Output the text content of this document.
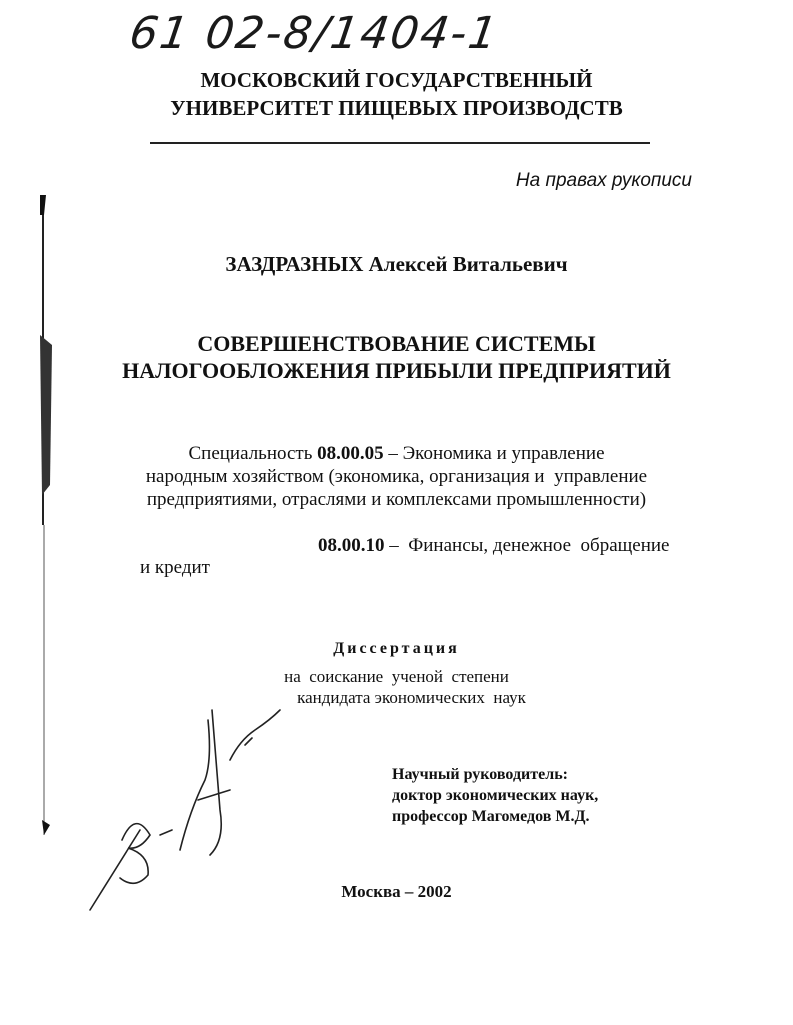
61 02-8/1404-1
МОСКОВСКИЙ ГОСУДАРСТВЕННЫЙ
УНИВЕРСИТЕТ ПИЩЕВЫХ ПРОИЗВОДСТВ
На правах рукописи
ЗАЗДРАЗНЫХ Алексей Витальевич
СОВЕРШЕНСТВОВАНИЕ СИСТЕМЫ
НАЛОГООБЛОЖЕНИЯ ПРИБЫЛИ ПРЕДПРИЯТИЙ
Специальность 08.00.05 – Экономика и управление
народным хозяйством (экономика, организация и  управление
предприятиями, отраслями и комплексами промышленности)
08.00.10 –  Финансы, денежное  обращение
и кредит
Диссертация
на  соискание  ученой  степени
кандидата экономических  наук
Научный руководитель:
доктор экономических наук,
профессор Магомедов М.Д.
Москва – 2002
